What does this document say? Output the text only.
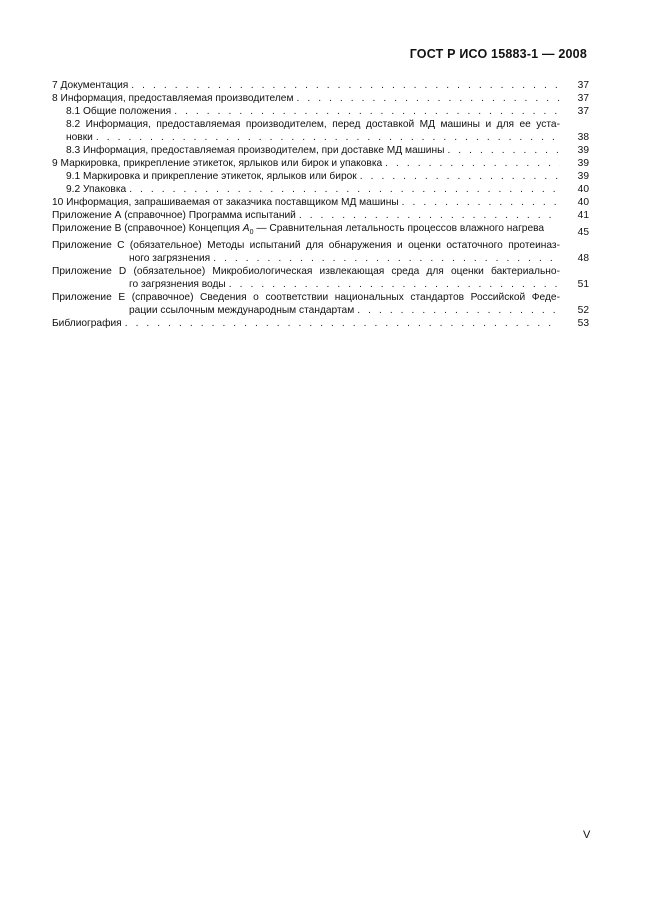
ГОСТ Р ИСО 15883-1 — 2008
7 Документация . . .	37
8 Информация, предоставляемая производителем . . .	37
8.1 Общие положения . . .	37
8.2 Информация, предоставляемая производителем, перед доставкой МД машины и для ее уста-
новки . . .	38
8.3 Информация, предоставляемая производителем, при доставке МД машины . . .	39
9 Маркировка, прикрепление этикеток, ярлыков или бирок и упаковка . . .	39
9.1 Маркировка и прикрепление этикеток, ярлыков или бирок . . .	39
9.2 Упаковка . . .	40
10 Информация, запрашиваемая от заказчика поставщиком МД машины . . .	40
Приложение А (справочное) Программа испытаний . . .	41
Приложение В (справочное) Концепция $A_0$ — Сравнительная летальность процессов влажного нагрева	45
Приложение С (обязательное) Методы испытаний для обнаружения и оценки остаточного протеиназ-
ного загрязнения . . .	48
Приложение D (обязательное) Микробиологическая извлекающая среда для оценки бактериально-
го загрязнения воды . . .	51
Приложение Е (справочное) Сведения о соответствии национальных стандартов Российской Феде-
рации ссылочным международным стандартам . . .	52
Библиография . . .	53
V
